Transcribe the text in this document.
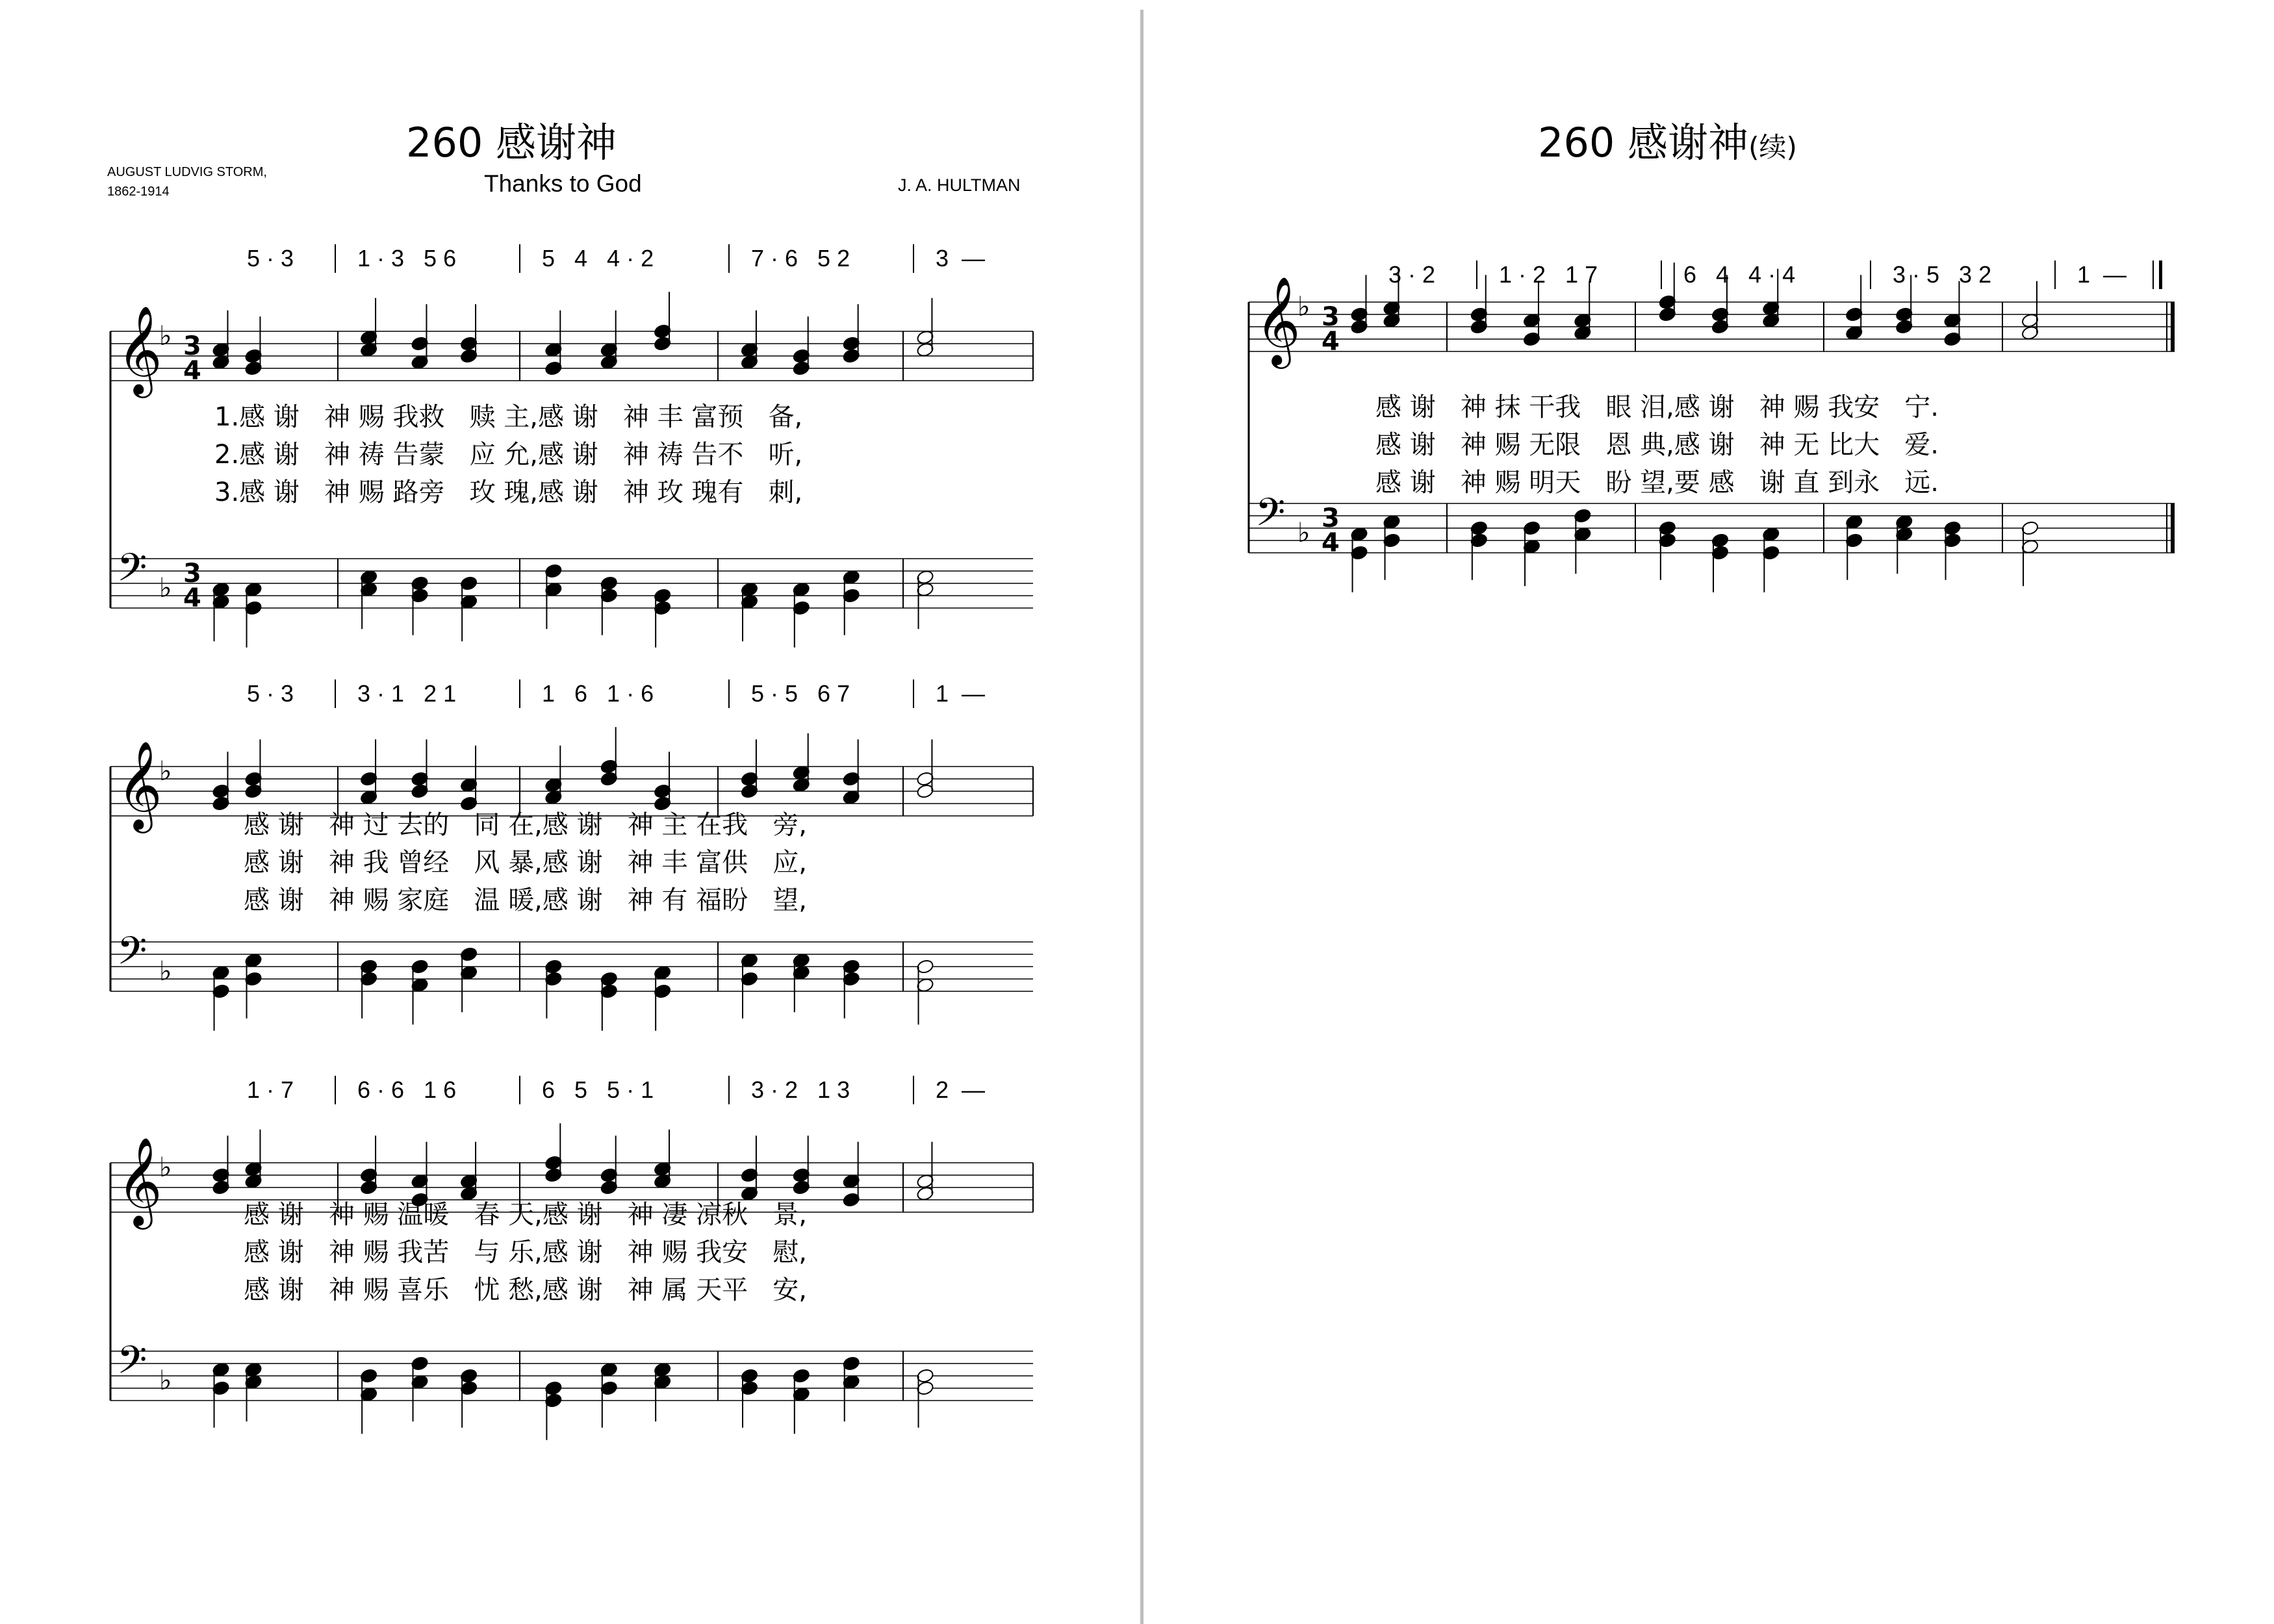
260 感谢神
Thanks to God
AUGUST LUDVIG STORM,
1862-1914	J. A. HULTMAN
5 · 3	1 · 3   5 6	5   4   4 · 2	7 · 6   5 2	3  —
𝄞
♭ 3
4
𝄢 ♭ 3
4
1.感 谢   神 赐 我救   赎 主,感 谢   神 丰 富预   备,
2.感 谢   神 祷 告蒙   应 允,感 谢   神 祷 告不   听,
3.感 谢   神 赐 路旁   玫 瑰,感 谢   神 玫 瑰有   刺,
5 · 3	3 · 1   2 1	1   6   1 · 6	5 · 5   6 7	1  —
𝄞
♭
𝄢 ♭
感 谢   神 过 去的   同 在,感 谢   神 主 在我   旁,
感 谢   神 我 曾经   风 暴,感 谢   神 丰 富供   应,
感 谢   神 赐 家庭   温 暖,感 谢   神 有 福盼   望,
1 · 7	6 · 6   1 6	6   5   5 · 1	3 · 2   1 3	2  —
𝄞
♭
𝄢 ♭
感 谢   神 赐 温暖   春 天,感 谢   神 凄 凉秋   景,
感 谢   神 赐 我苦   与 乐,感 谢   神 赐 我安   慰,
感 谢   神 赐 喜乐   忧 愁,感 谢   神 属 天平   安,
260 感谢神(续)
3 · 2	1 · 2   1 7	6   4   4 · 4	3 · 5   3 2	1  —
𝄞
♭ 3
4
𝄢 ♭ 3
4
感 谢   神 抹 干我   眼 泪,感 谢   神 赐 我安   宁.
感 谢   神 赐 无限   恩 典,感 谢   神 无 比大   爱.
感 谢   神 赐 明天   盼 望,要 感   谢 直 到永   远.
